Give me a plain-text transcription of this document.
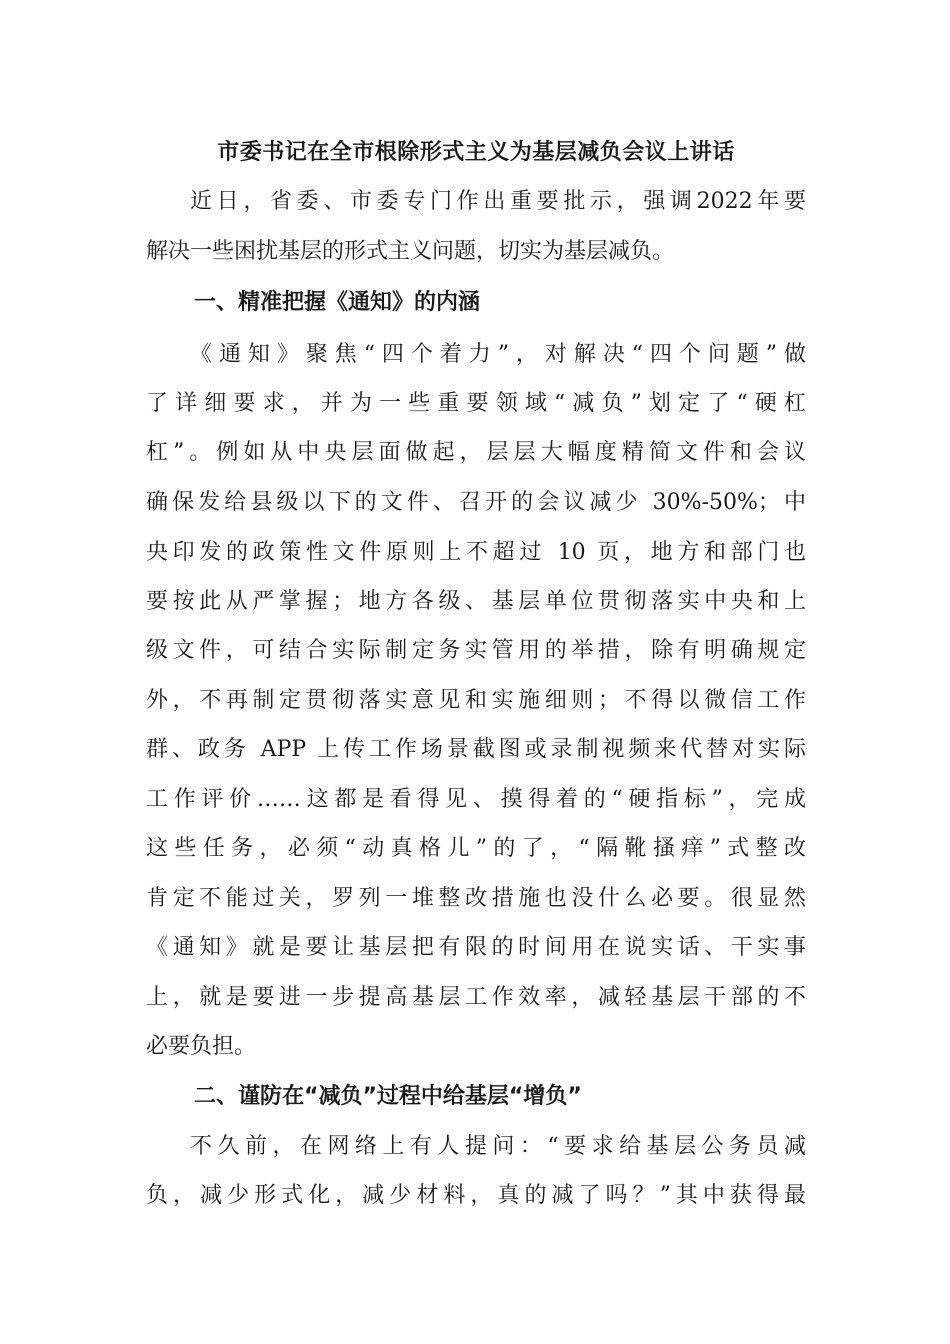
市委书记在全市根除形式主义为基层减负会议上讲话
近日，省委、市委专门作出重要批示，强调2022年要
解决一些困扰基层的形式主义问题，切实为基层减负。
一、精准把握《通知》的内涵
《通知》聚焦“四个着力”，对解决“四个问题”做
了详细要求，并为一些重要领域“减负”划定了“硬杠
杠”。例如从中央层面做起，层层大幅度精简文件和会议
确保发给县级以下的文件、召开的会议减少 30%-50%；中
央印发的政策性文件原则上不超过 10 页，地方和部门也
要按此从严掌握；地方各级、基层单位贯彻落实中央和上
级文件，可结合实际制定务实管用的举措，除有明确规定
外，不再制定贯彻落实意见和实施细则；不得以微信工作
群、政务 APP 上传工作场景截图或录制视频来代替对实际
工作评价……这都是看得见、摸得着的“硬指标”，完成
这些任务，必须“动真格儿”的了，“隔靴搔痒”式整改
肯定不能过关，罗列一堆整改措施也没什么必要。很显然
《通知》就是要让基层把有限的时间用在说实话、干实事
上，就是要进一步提高基层工作效率，减轻基层干部的不
必要负担。
二、谨防在“减负”过程中给基层“增负”
不久前，在网络上有人提问：“要求给基层公务员减
负，减少形式化，减少材料，真的减了吗？”其中获得最
